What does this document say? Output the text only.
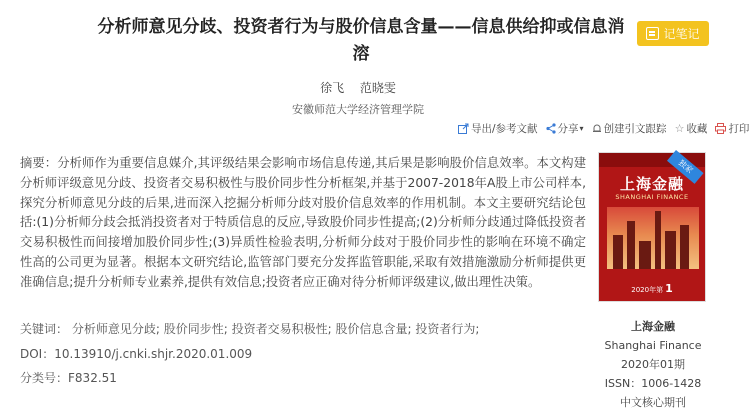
分析师意见分歧、投资者行为与股价信息含量——信息供给抑或信息消溶
记笔记
徐飞 范晓雯
安徽师范大学经济管理学院
导出/参考文献 分享 ▾ 创建引文跟踪 ☆ 收藏 打印
摘要：分析师作为重要信息媒介,其评级结果会影响市场信息传递,其后果是影响股价信息效率。本文构建分析师评级意见分歧、投资者交易积极性与股价同步性分析框架,并基于2007-2018年A股上市公司样本,探究分析师意见分歧的后果,进而深入挖掘分析师分歧对股价信息效率的作用机制。本文主要研究结论包括:(1)分析师分歧会抵消投资者对于特质信息的反应,导致股价同步性提高;(2)分析师分歧通过降低投资者交易积极性而间接增加股价同步性;(3)异质性检验表明,分析师分歧对于股价同步性的影响在环境不确定性高的公司更为显著。根据本文研究结论,监管部门要充分发挥监管职能,采取有效措施激励分析师提供更准确信息;提升分析师专业素养,提供有效信息;投资者应正确对待分析师评级建议,做出理性决策。
关键词： 分析师意见分歧; 股价同步性; 投资者交易积极性; 股价信息含量; 投资者行为;
DOI：10.13910/j.cnki.shjr.2020.01.009
分类号：F832.51
上海金融
SHANGHAI FINANCE
2020年第 1
独家
上海金融
Shanghai Finance
2020年01期
ISSN：1006-1428
中文核心期刊
